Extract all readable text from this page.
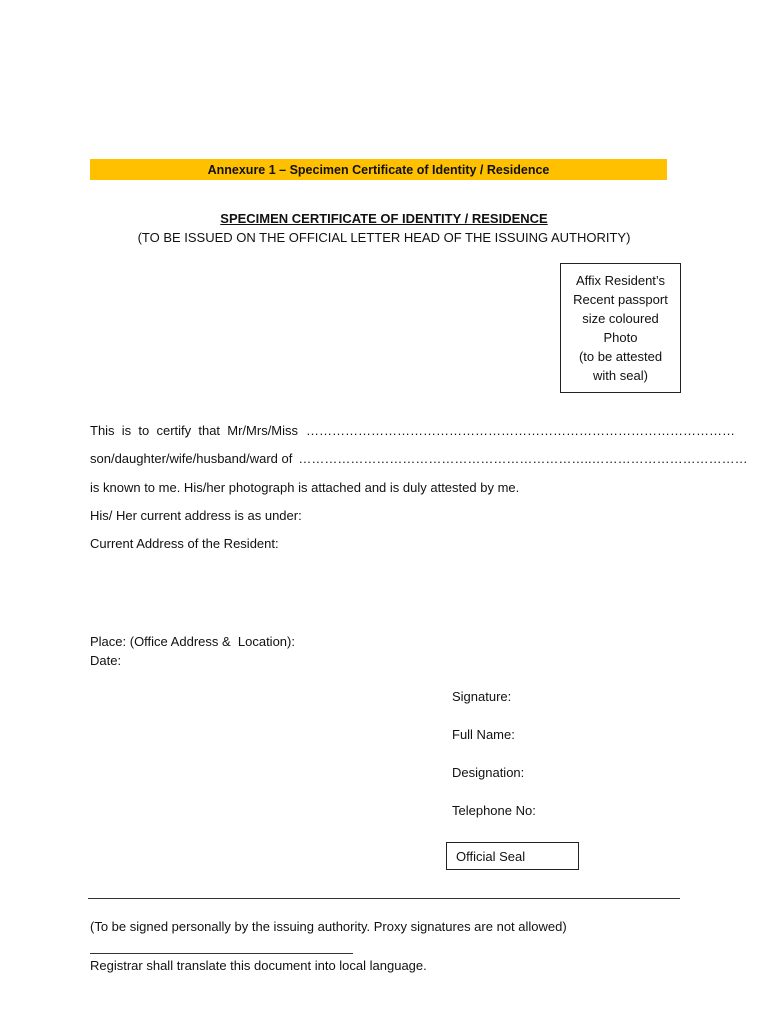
Annexure 1 – Specimen Certificate of Identity / Residence
SPECIMEN CERTIFICATE OF IDENTITY / RESIDENCE
(TO BE ISSUED ON THE OFFICIAL LETTER HEAD OF THE ISSUING AUTHORITY)
Affix Resident’s
Recent passport
size coloured
Photo
(to be attested
with seal)
This  is  to  certify  that  Mr/Mrs/Miss ………………………………………………………………………………………
son/daughter/wife/husband/ward of …………………………………………………………..………………………………
is known to me. His/her photograph is attached and is duly attested by me.
His/ Her current address is as under:
Current Address of the Resident:
Place: (Office Address &  Location):
Date:
Signature:
Full Name:
Designation:
Telephone No:
Official Seal
(To be signed personally by the issuing authority. Proxy signatures are not allowed)
Registrar shall translate this document into local language.
